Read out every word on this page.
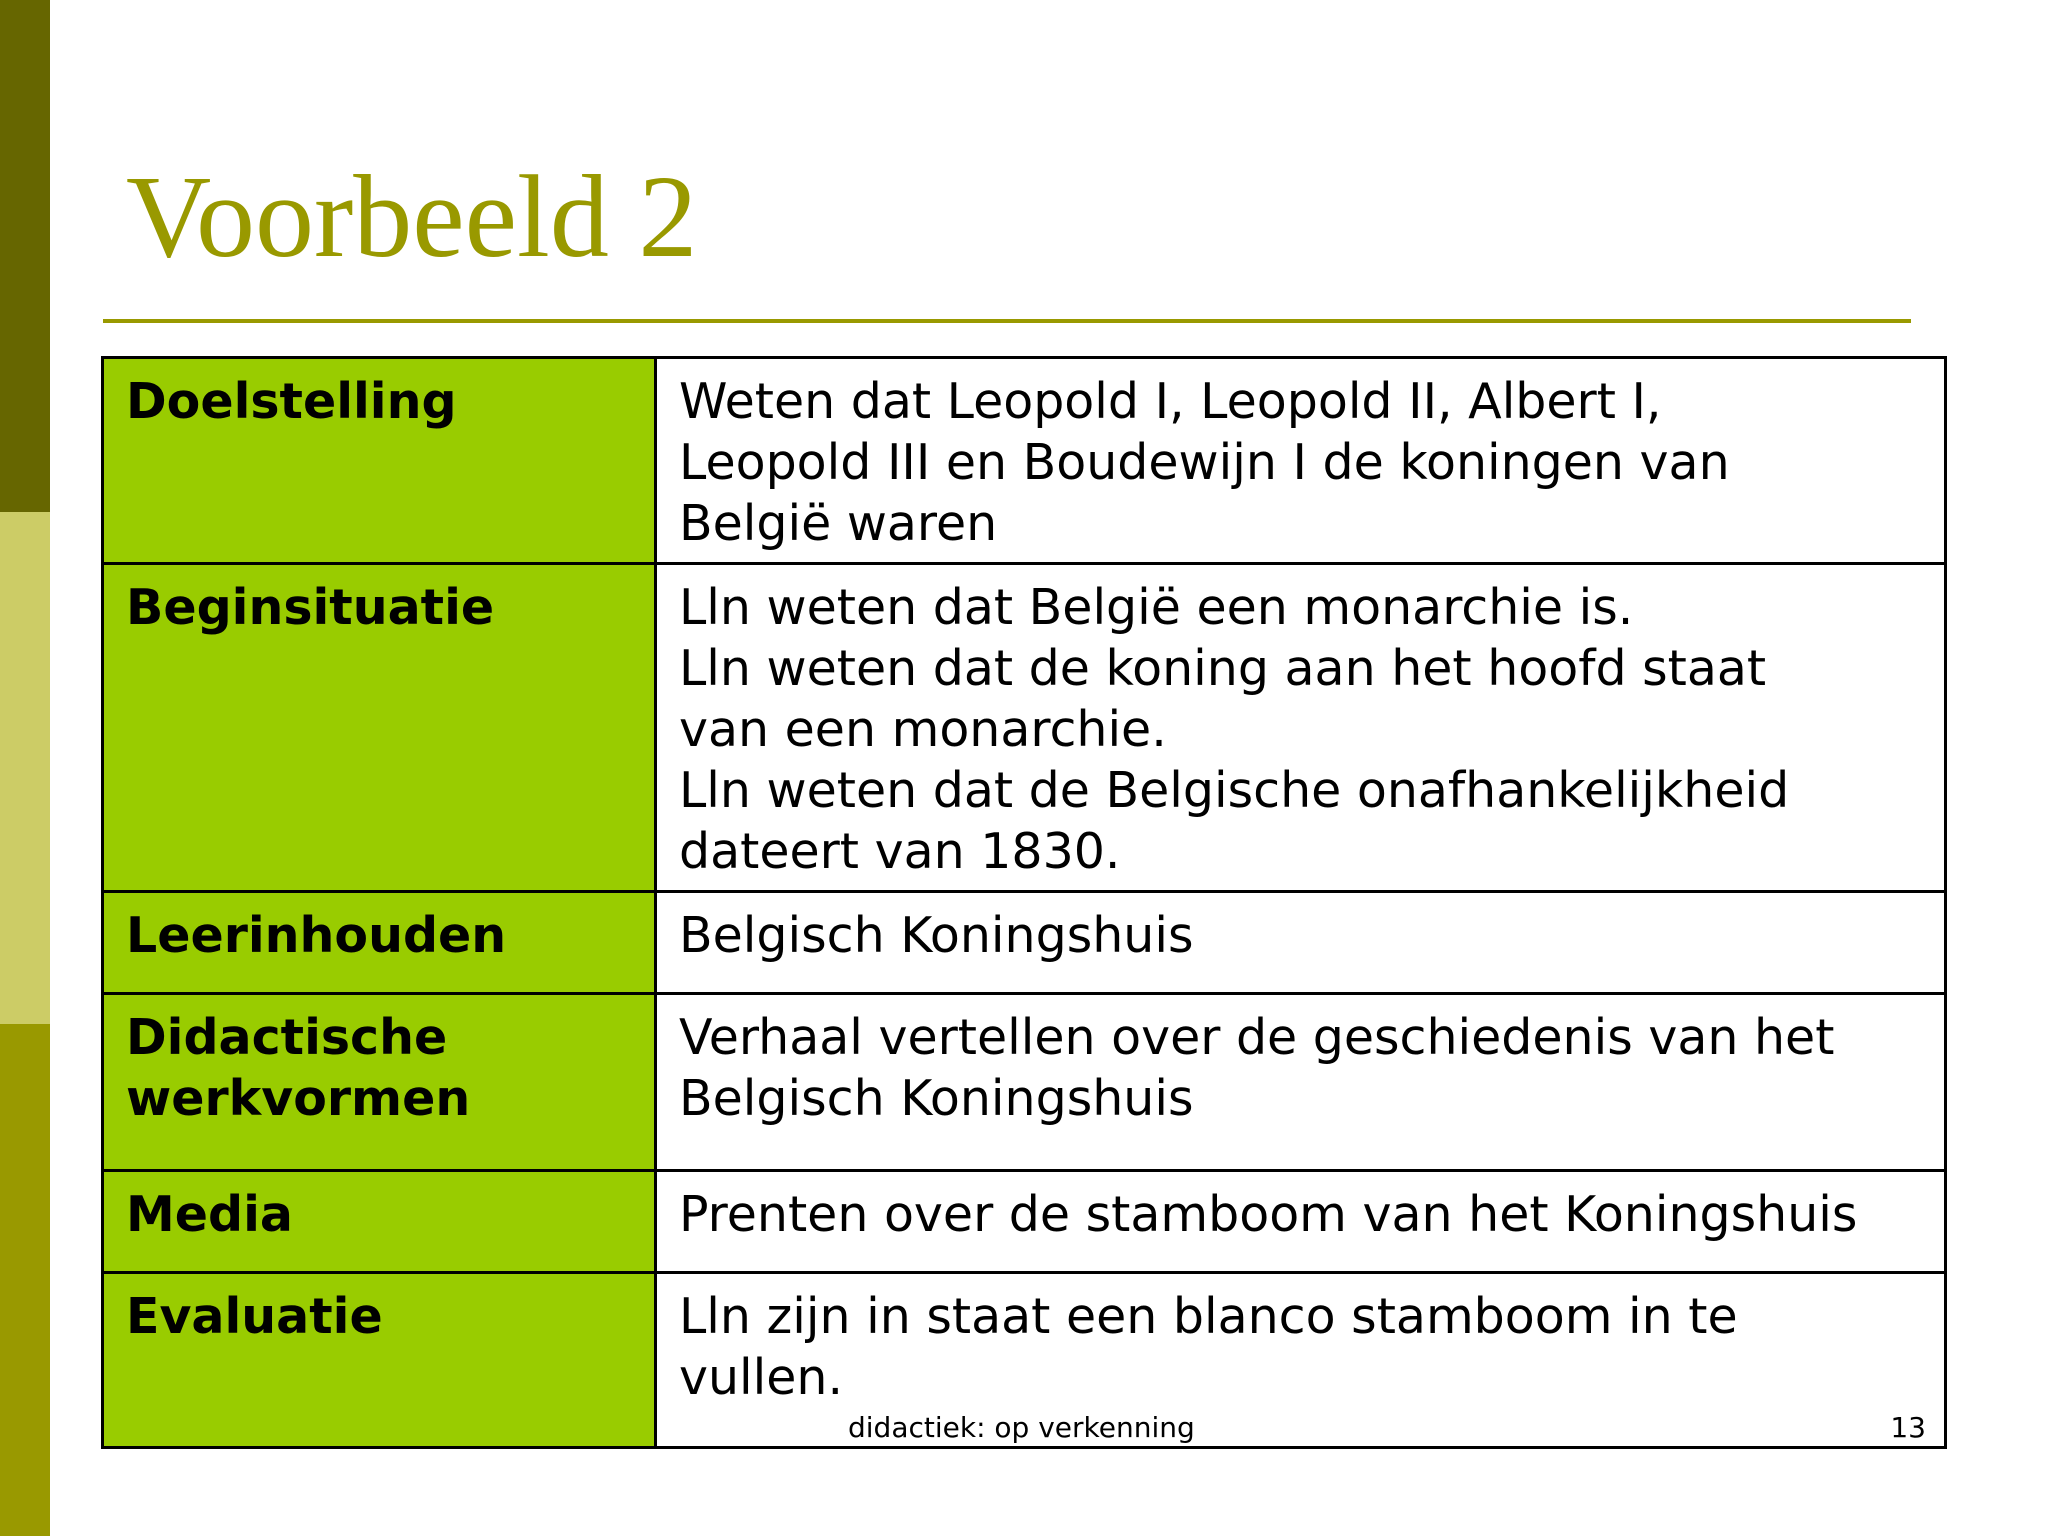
Voorbeeld 2
Doelstelling	Weten dat Leopold I, Leopold II, Albert I,
Leopold III en Boudewijn I de koningen van
België waren

Beginsituatie	Lln weten dat België een monarchie is.
Lln weten dat de koning aan het hoofd staat
van een monarchie.
Lln weten dat de Belgische onafhankelijkheid
dateert van 1830.

Leerinhouden	Belgisch Koningshuis

Didactische
werkvormen	Verhaal vertellen over de geschiedenis van het
Belgisch Koningshuis

Media	Prenten over de stamboom van het Koningshuis

Evaluatie	Lln zijn in staat een blanco stamboom in te
vullen.
didactiek: op verkenning	13
